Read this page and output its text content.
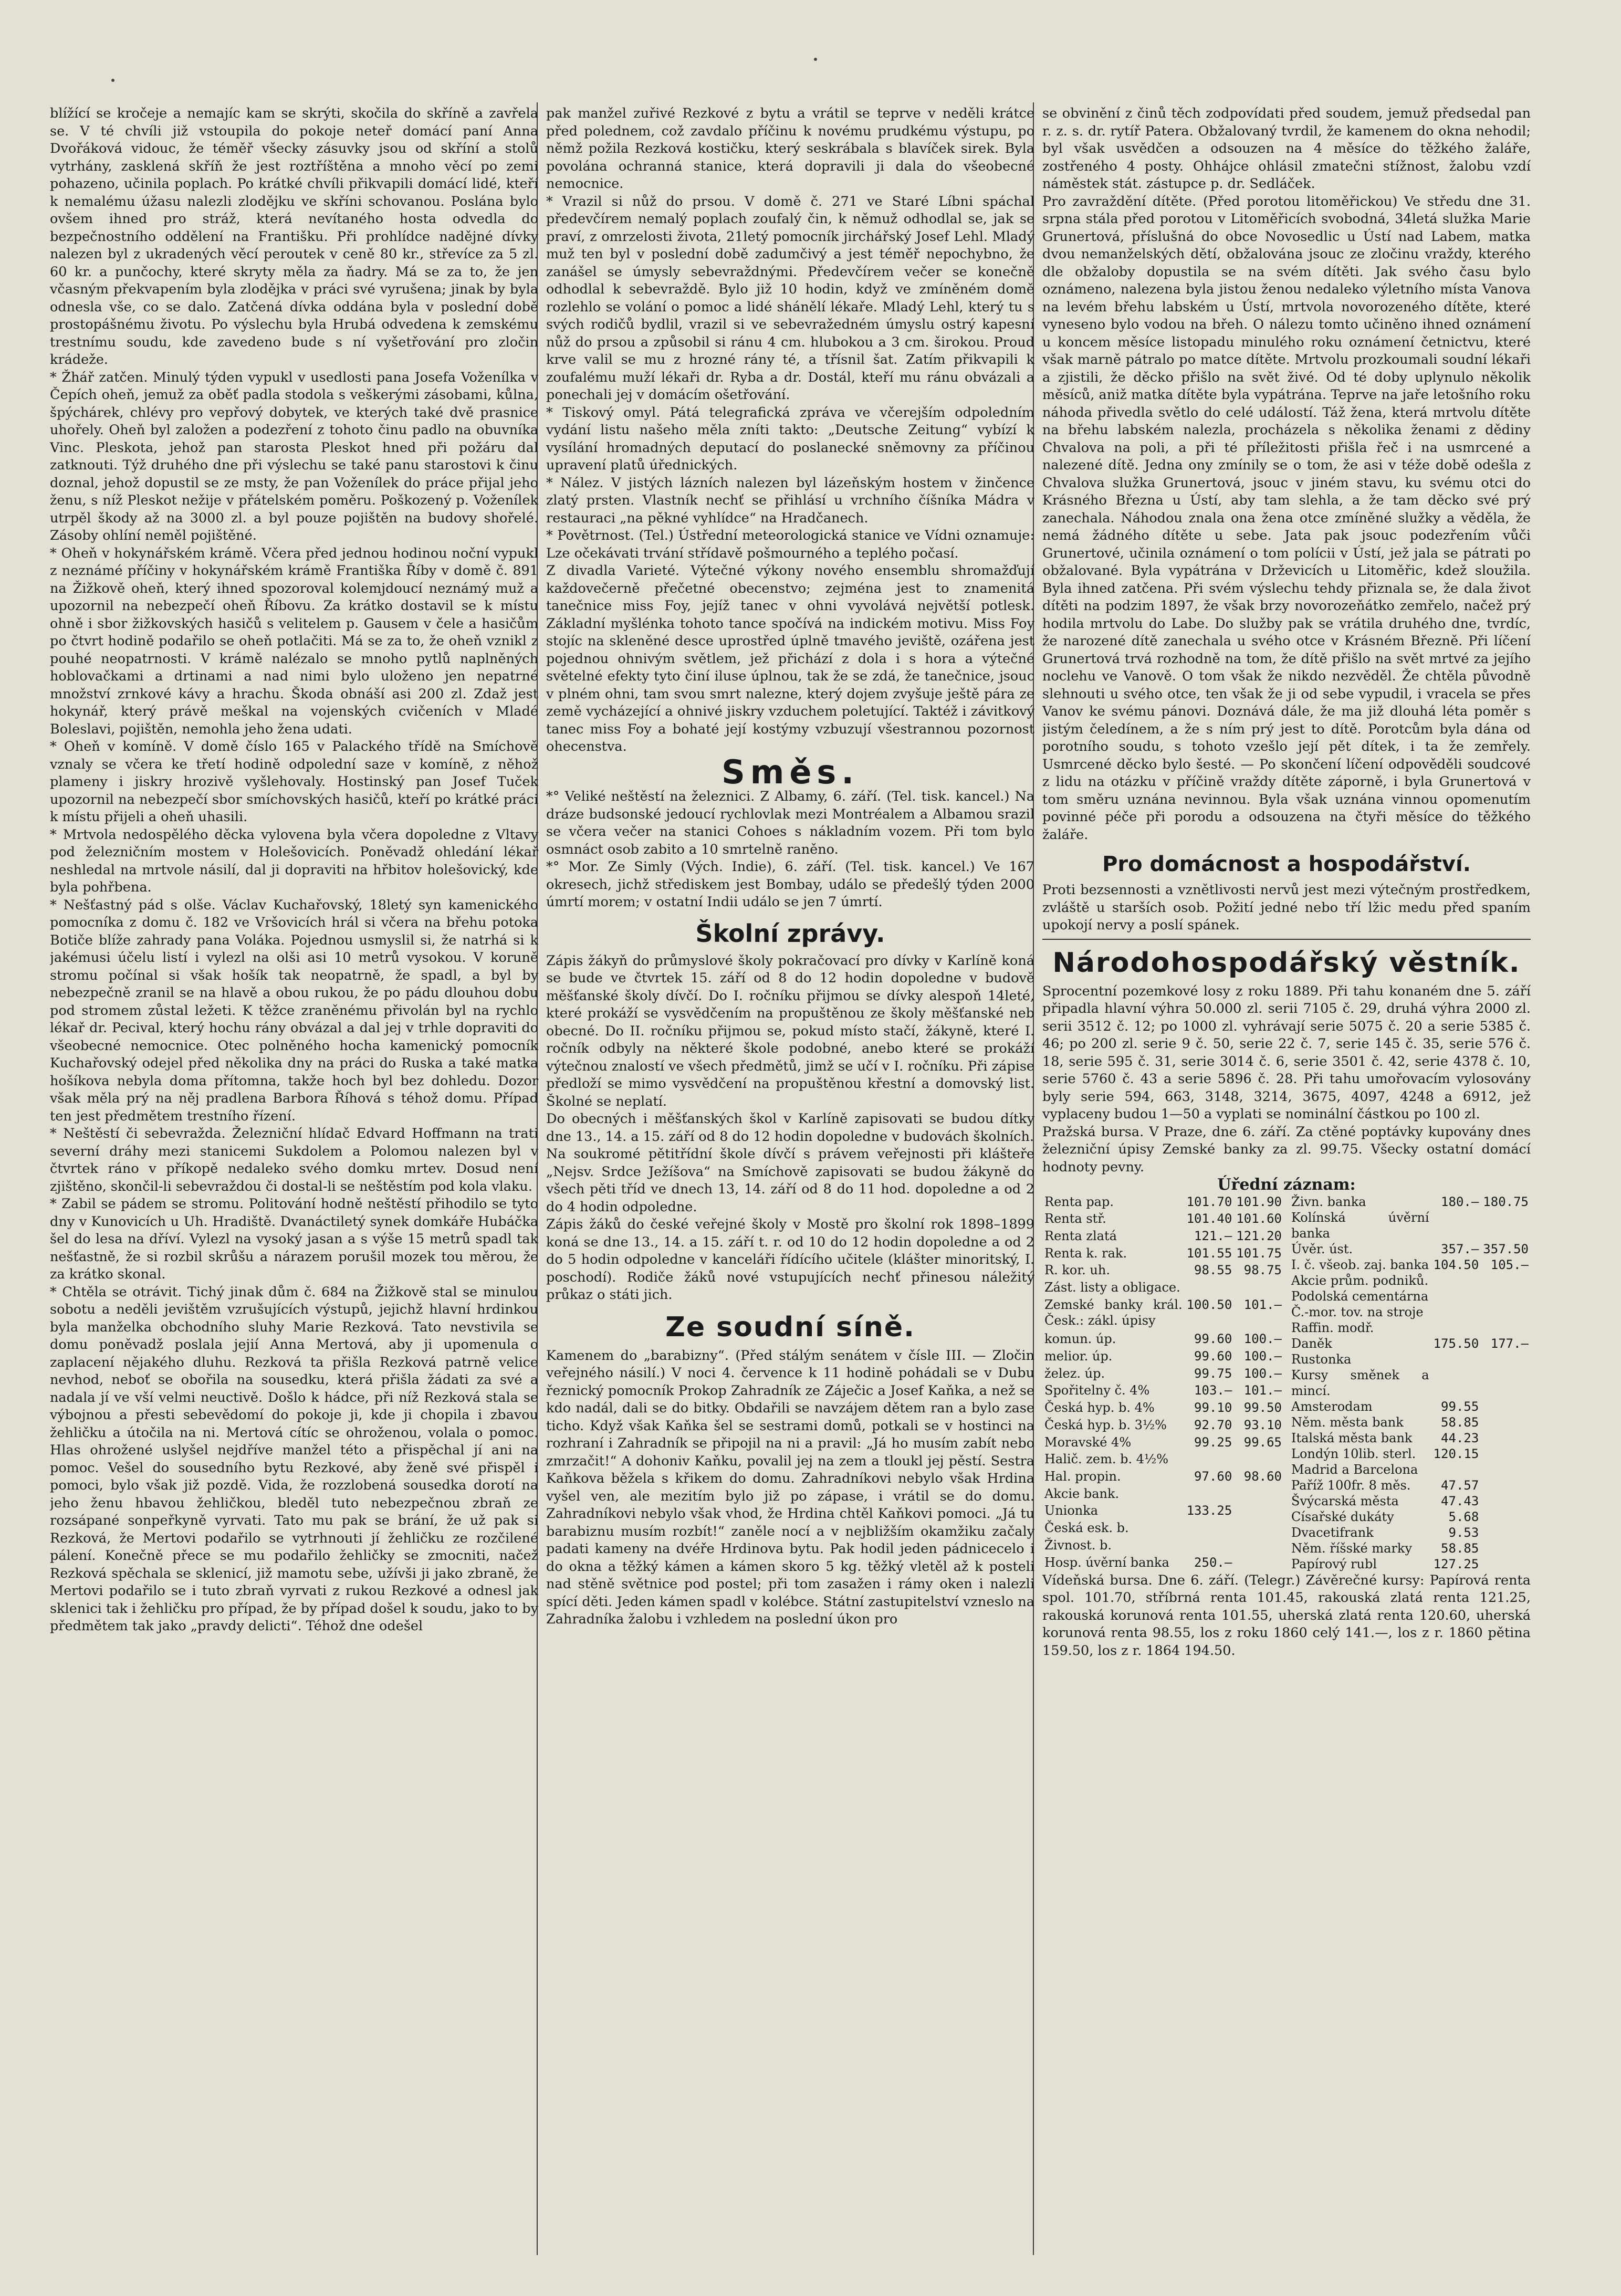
blížící se kročeje a nemajíc kam se skrýti, skočila do skříně a zavřela se. V té chvíli již vstoupila do pokoje neteř domácí paní Anna Dvořáková vidouc, že téměř všecky zásuvky jsou od skříní a stolů vytrhány, zasklená skříň že jest roztříštěna a mnoho věcí po zemi pohazeno, učinila poplach. Po krátké chvíli přikvapili domácí lidé, kteří k nemalému úžasu nalezli zlodějku ve skříni schovanou. Poslána bylo ovšem ihned pro stráž, která nevítaného hosta odvedla do bezpečnostního oddělení na Františku. Při prohlídce nadějné dívky nalezen byl z ukradených věcí peroutek v ceně 80 kr., střevíce za 5 zl. 60 kr. a punčochy, které skryty měla za ňadry. Má se za to, že jen včasným překvapením byla zlodějka v práci své vyrušena; jinak by byla odnesla vše, co se dalo. Zatčená dívka oddána byla v poslední době prostopášnému životu. Po výslechu byla Hrubá odvedena k zemskému trestnímu soudu, kde zavedeno bude s ní vyšetřování pro zločin krádeže.

* Žhář zatčen. Minulý týden vypukl v usedlosti pana Josefa Voženílka v Čepích oheň, jemuž za oběť padla stodola s veškerými zásobami, kůlna, špýchárek, chlévy pro vepřový dobytek, ve kterých také dvě prasnice uhořely. Oheň byl založen a podezření z tohoto činu padlo na obuvníka Vinc. Pleskota, jehož pan starosta Pleskot hned při požáru dal zatknouti. Týž druhého dne při výslechu se také panu starostovi k činu doznal, jehož dopustil se ze msty, že pan Voženílek do práce přijal jeho ženu, s níž Pleskot nežije v přátelském poměru. Poškozený p. Voženílek utrpěl škody až na 3000 zl. a byl pouze pojištěn na budovy shořelé. Zásoby ohlíní neměl pojištěné.

* Oheň v hokynářském krámě. Včera před jednou hodinou noční vypukl z neznámé příčiny v hokynářském krámě Františka Říby v domě č. 891 na Žižkově oheň, který ihned spozoroval kolemjdoucí neznámý muž a upozornil na nebezpečí oheň Říbovu. Za krátko dostavil se k místu ohně i sbor žižkovských hasičů s velitelem p. Gausem v čele a hasičům po čtvrt hodině podařilo se oheň potlačiti. Má se za to, že oheň vznikl z pouhé neopatrnosti. V krámě nalézalo se mnoho pytlů naplněných hoblovačkami a drtinami a nad nimi bylo uloženo jen nepatrné množství zrnkové kávy a hrachu. Škoda obnáší asi 200 zl. Zdaž jest hokynář, který právě meškal na vojenských cvičeních v Mladé Boleslavi, pojištěn, nemohla jeho žena udati.

* Oheň v komíně. V domě číslo 165 v Palackého třídě na Smíchově vznaly se včera ke třetí hodině odpolední saze v komíně, z něhož plameny i jiskry hrozivě vyšlehovaly. Hostinský pan Josef Tuček upozornil na nebezpečí sbor smíchovských hasičů, kteří po krátké práci k místu přijeli a oheň uhasili.

* Mrtvola nedospělého děcka vylovena byla včera dopoledne z Vltavy pod železničním mostem v Holešovicích. Poněvadž ohledání lékař neshledal na mrtvole násilí, dal ji dopraviti na hřbitov holešovický, kde byla pohřbena.

* Nešťastný pád s olše. Václav Kuchařovský, 18letý syn kamenického pomocníka z domu č. 182 ve Vršovicích hrál si včera na břehu potoka Botiče blíže zahrady pana Voláka. Pojednou usmyslil si, že natrhá si k jakémusi účelu listí i vylezl na olši asi 10 metrů vysokou. V koruně stromu počínal si však hošík tak neopatrně, že spadl, a byl by nebezpečně zranil se na hlavě a obou rukou, že po pádu dlouhou dobu pod stromem zůstal ležeti. K těžce zraněnému přivolán byl na rychlo lékař dr. Pecival, který hochu rány obvázal a dal jej v trhle dopraviti do všeobecné nemocnice. Otec polněného hocha kamenický pomocník Kuchařovský odejel před několika dny na práci do Ruska a také matka hošíkova nebyla doma přítomna, takže hoch byl bez dohledu. Dozor však měla prý na něj pradlena Barbora Říhová s téhož domu. Případ ten jest předmětem trestního řízení.

* Neštěstí či sebevražda. Železniční hlídač Edvard Hoffmann na trati severní dráhy mezi stanicemi Sukdolem a Polomou nalezen byl v čtvrtek ráno v příkopě nedaleko svého domku mrtev. Dosud není zjištěno, skončil-li sebevraždou či dostal-li se neštěstím pod kola vlaku.

* Zabil se pádem se stromu. Politování hodně neštěstí přihodilo se tyto dny v Kunovicích u Uh. Hradiště. Dvanáctiletý synek domkáře Hubáčka šel do lesa na dříví. Vylezl na vysoký jasan a s výše 15 metrů spadl tak nešťastně, že si rozbil skrůšu a nárazem porušil mozek tou měrou, že za krátko skonal.

* Chtěla se otrávit. Tichý jinak dům č. 684 na Žižkově stal se minulou sobotu a neděli jevištěm vzrušujících výstupů, jejichž hlavní hrdinkou byla manželka obchodního sluhy Marie Rezková. Tato nevstivila se domu poněvadž poslala jejií Anna Mertová, aby ji upomenula o zaplacení nějakého dluhu. Rezková ta přišla Rezková patrně velice nevhod, neboť se obořila na sousedku, která přišla žádati za své a nadala jí ve vší velmi neuctivě. Došlo k hádce, při níž Rezková stala se výbojnou a přesti sebevědomí do pokoje ji, kde ji chopila i zbavou žehličku a útočila na ni. Mertová cítíc se ohroženou, volala o pomoc. Hlas ohrožené uslyšel nejdříve manžel této a přispěchal jí ani na pomoc. Vešel do sousedního bytu Rezkové, aby ženě své přispěl i pomoci, bylo však již pozdě. Vida, že rozzlobená sousedka dorotí na jeho ženu hbavou žehličkou, bleděl tuto nebezpečnou zbraň ze rozsápané sonpeřkyně vyrvati. Tato mu pak se brání, že už pak si Rezková, že Mertovi podařilo se vytrhnouti jí žehličku ze rozčilené pálení. Konečně přece se mu podařilo žehličky se zmocniti, načež Rezková spěchala se sklenicí, již mamotu sebe, užívši ji jako zbraně, že Mertovi podařilo se i tuto zbraň vyrvati z rukou Rezkové a odnesl jak sklenici tak i žehličku pro případ, že by případ došel k soudu, jako to by předmětem tak jako „pravdy delicti“. Téhož dne odešel

pak manžel zuřivé Rezkové z bytu a vrátil se teprve v neděli krátce před polednem, což zavdalo příčinu k novému prudkému výstupu, po němž požila Rezková kostičku, který seskrábala s blavíček sirek. Byla povolána ochranná stanice, která dopravili ji dala do všeobecné nemocnice.

* Vrazil si nůž do prsou. V domě č. 271 ve Staré Líbni spáchal předevčírem nemalý poplach zoufalý čin, k němuž odhodlal se, jak se praví, z omrzelosti života, 21letý pomocník jirchářský Josef Lehl. Mladý muž ten byl v poslední době zadumčivý a jest téměř nepochybno, že zanášel se úmysly sebevraždnými. Předevčírem večer se konečně odhodlal k sebevraždě. Bylo již 10 hodin, když ve zmíněném domě rozlehlo se volání o pomoc a lidé shánělí lékaře. Mladý Lehl, který tu s svých rodičů bydlil, vrazil si ve sebevražedném úmyslu ostrý kapesní nůž do prsou a způsobil si ránu 4 cm. hlubokou a 3 cm. širokou. Proud krve valil se mu z hrozné rány té, a třísnil šat. Zatím přikvapili k zoufalému muží lékaři dr. Ryba a dr. Dostál, kteří mu ránu obvázali a ponechali jej v domácím ošetřování.

* Tiskový omyl. Pátá telegrafická zpráva ve včerejším odpoledním vydání listu našeho měla zníti takto: „Deutsche Zeitung“ vybízí k vysílání hromadných deputací do poslanecké sněmovny za příčinou upravení platů úřednických.

* Nález. V jistých lázních nalezen byl lázeňským hostem v žinčence zlatý prsten. Vlastník nechť se přihlásí u vrchního číšníka Mádra v restauraci „na pěkné vyhlídce“ na Hradčanech.

* Povětrnost. (Tel.) Ústřední meteorologická stanice ve Vídni oznamuje: Lze očekávati trvání střídavě pošmourného a teplého počasí.

Z divadla Varieté. Výtečné výkony nového ensemblu shromažďují každovečerně přečetné obecenstvo; zejména jest to znamenitá tanečnice miss Foy, jejíž tanec v ohni vyvolává největší potlesk. Základní myšlénka tohoto tance spočívá na indickém motivu. Miss Foy stojíc na skleněné desce uprostřed úplně tmavého jeviště, ozářena jest pojednou ohnivým světlem, jež přichází z dola i s hora a výtečné světelné efekty tyto činí iluse úplnou, tak že se zdá, že tanečnice, jsouc v plném ohni, tam svou smrt nalezne, který dojem zvyšuje ještě pára ze země vycházející a ohnivé jiskry vzduchem poletující. Taktéž i závitkový tanec miss Foy a bohaté její kostýmy vzbuzují všestrannou pozornost ohecenstva.

Směs.

*° Veliké neštěstí na železnici. Z Albamy, 6. září. (Tel. tisk. kancel.) Na dráze budsonské jedoucí rychlovlak mezi Montréalem a Albamou srazil se včera večer na stanici Cohoes s nákladním vozem. Při tom bylo osmnáct osob zabito a 10 smrtelně raněno.

*° Mor. Ze Simly (Vých. Indie), 6. září. (Tel. tisk. kancel.) Ve 167 okresech, jichž střediskem jest Bombay, událo se předešlý týden 2000 úmrtí morem; v ostatní Indii událo se jen 7 úmrtí.

Školní zprávy.

Zápis žákyň do průmyslové školy pokračovací pro dívky v Karlíně koná se bude ve čtvrtek 15. září od 8 do 12 hodin dopoledne v budově měšťanské školy dívčí. Do I. ročníku přijmou se dívky alespoň 14leté, které prokáží se vysvědčením na propuštěnou ze školy měšťanské neb obecné. Do II. ročníku přijmou se, pokud místo stačí, žákyně, které I. ročník odbyly na některé škole podobné, anebo které se prokáží výtečnou znalostí ve všech předmětů, jimž se učí v I. ročníku. Při zápise předloží se mimo vysvědčení na propuštěnou křestní a domovský list. Školné se neplatí.

Do obecných i měšťanských škol v Karlíně zapisovati se budou dítky dne 13., 14. a 15. září od 8 do 12 hodin dopoledne v budovách školních.

Na soukromé pětitřídní škole dívčí s právem veřejnosti při klášteře „Nejsv. Srdce Ježíšova“ na Smíchově zapisovati se budou žákyně do všech pěti tříd ve dnech 13, 14. září od 8 do 11 hod. dopoledne a od 2 do 4 hodin odpoledne.

Zápis žáků do české veřejné školy v Mostě pro školní rok 1898–1899 koná se dne 13., 14. a 15. září t. r. od 10 do 12 hodin dopoledne a od 2 do 5 hodin odpoledne v kanceláři řídícího učitele (klášter minoritský, I. poschodí). Rodiče žáků nové vstupujících nechť přinesou náležitý průkaz o státi jich.

Ze soudní síně.

Kamenem do „barabizny“. (Před stálým senátem v čísle III. — Zločin veřejného násilí.) V noci 4. července k 11 hodině pohádali se v Dubu řeznický pomocník Prokop Zahradník ze Záječic a Josef Kaňka, a než se kdo nadál, dali se do bitky. Obdařili se navzájem dětem ran a bylo zase ticho. Když však Kaňka šel se sestrami domů, potkali se v hostinci na rozhraní i Zahradník se připojil na ni a pravil: „Já ho musím zabít nebo zmrzačit!“ A dohoniv Kaňku, povalil jej na zem a tloukl jej pěstí. Sestra Kaňkova běžela s křikem do domu. Zahradníkovi nebylo však Hrdina vyšel ven, ale mezitím bylo již po zápase, i vrátil se do domu. Zahradníkovi nebylo však vhod, že Hrdina chtěl Kaňkovi pomoci. „Já tu barabiznu musím rozbít!“ zaněle nocí a v nejbližším okamžiku začaly padati kameny na dvéře Hrdinova bytu. Pak hodil jeden pádnicecelo i do okna a těžký kámen a kámen skoro 5 kg. těžký vletěl až k posteli nad stěně světnice pod postel; při tom zasažen i rámy oken i nalezli spící děti. Jeden kámen spadl v kolébce. Státní zastupitelství vzneslo na Zahradníka žalobu i vzhledem na poslední úkon pro

se obvinění z činů těch zodpovídati před soudem, jemuž předsedal pan r. z. s. dr. rytíř Patera. Obžalovaný tvrdil, že kamenem do okna nehodil; byl však usvědčen a odsouzen na 4 měsíce do těžkého žaláře, zostřeného 4 posty. Ohhájce ohlásil zmatečni stížnost, žalobu vzdí náměstek stát. zástupce p. dr. Sedláček.

Pro zavraždění dítěte. (Před porotou litoměřickou) Ve středu dne 31. srpna stála před porotou v Litoměřicích svobodná, 34letá služka Marie Grunertová, příslušná do obce Novosedlic u Ústí nad Labem, matka dvou nemanželských dětí, obžalována jsouc ze zločinu vraždy, kterého dle obžaloby dopustila se na svém dítěti. Jak svého času bylo oznámeno, nalezena byla jistou ženou nedaleko výletního místa Vanova na levém břehu labském u Ústí, mrtvola novorozeného dítěte, které vyneseno bylo vodou na břeh. O nálezu tomto učiněno ihned oznámení u koncem měsíce listopadu minulého roku oznámení četnictvu, které však marně pátralo po matce dítěte. Mrtvolu prozkoumali soudní lékaři a zjistili, že děcko přišlo na svět živé. Od té doby uplynulo několik měsíců, aniž matka dítěte byla vypátrána. Teprve na jaře letošního roku náhoda přivedla světlo do celé událostí. Táž žena, která mrtvolu dítěte na břehu labském nalezla, procházela s několika ženami z dědiny Chvalova na poli, a při té příležitosti přišla řeč i na usmrcené a nalezené dítě. Jedna ony zmínily se o tom, že asi v téže době odešla z Chvalova služka Grunertová, jsouc v jiném stavu, ku svému otci do Krásného Března u Ústí, aby tam slehla, a že tam děcko své prý zanechala. Náhodou znala ona žena otce zmíněné služky a věděla, že nemá žádného dítěte u sebe. Jata pak jsouc podezřením vůči Grunertové, učinila oznámení o tom polícii v Ústí, jež jala se pátrati po obžalované. Byla vypátrána v Drževicích u Litoměřic, kdež sloužila. Byla ihned zatčena. Při svém výslechu tehdy přiznala se, že dala život dítěti na podzim 1897, že však brzy novorozeňátko zemřelo, načež prý hodila mrtvolu do Labe. Do služby pak se vrátila druhého dne, tvrdíc, že narozené dítě zanechala u svého otce v Krásném Březně. Při líčení Grunertová trvá rozhodně na tom, že dítě přišlo na svět mrtvé za jejího noclehu ve Vanově. O tom však že nikdo nezvěděl. Že chtěla původně slehnouti u svého otce, ten však že ji od sebe vypudil, i vracela se přes Vanov ke svému pánovi. Doznává dále, že ma již dlouhá léta poměr s jistým čeledínem, a že s ním prý jest to dítě. Porotcům byla dána od porotního soudu, s tohoto vzešlo její pět dítek, i ta že zemřely. Usmrcené děcko bylo šesté. — Po skončení líčení odpověděli soudcové z lidu na otázku v příčině vraždy dítěte záporně, i byla Grunertová v tom směru uznána nevinnou. Byla však uznána vinnou opomenutím povinné péče při porodu a odsouzena na čtyři měsíce do těžkého žaláře.

Pro domácnost a hospodářství.

Proti bezsennosti a vznětlivosti nervů jest mezi výtečným prostředkem, zvláště u starších osob. Požití jedné nebo tří lžic medu před spaním upokojí nervy a poslí spánek.

Národohospodářský věstník.

Sprocentní pozemkové losy z roku 1889. Při tahu konaném dne 5. září připadla hlavní výhra 50.000 zl. serii 7105 č. 29, druhá výhra 2000 zl. serii 3512 č. 12; po 1000 zl. vyhrávají serie 5075 č. 20 a serie 5385 č. 46; po 200 zl. serie 9 č. 50, serie 22 č. 7, serie 145 č. 35, serie 576 č. 18, serie 595 č. 31, serie 3014 č. 6, serie 3501 č. 42, serie 4378 č. 10, serie 5760 č. 43 a serie 5896 č. 28. Při tahu umořovacím vylosovány byly serie 594, 663, 3148, 3214, 3675, 4097, 4248 a 6912, jež vyplaceny budou 1—50 a vyplati se nominální částkou po 100 zl.

Pražská bursa. V Praze, dne 6. září. Za ctěné poptávky kupovány dnes železniční úpisy Zemské banky za zl. 99.75. Všecky ostatní domácí hodnoty pevny.

Úřední záznam:
Renta pap.	101.70	101.90
Renta stř.	101.40	101.60
Renta zlatá	121.—	121.20
Renta k. rak.	101.55	101.75
R. kor. uh.	98.55	98.75
Zást. listy a obligace.		
Zemské banky král. Česk.: zákl. úpisy	100.50	101.—
komun. úp.	99.60	100.—
melior. úp.	99.60	100.—
želez. úp.	99.75	100.—
Spořitelny č. 4%	103.—	101.—
Česká hyp. b. 4%	99.10	99.50
Česká hyp. b. 3½%	92.70	93.10
Moravské 4%	99.25	99.65
Halič. zem. b. 4½%		
Hal. propin.	97.60	98.60
Akcie bank.		
Unionka	133.25	
Česká esk. b.		
Živnost. b.		
Hosp. úvěrní banka	250.—	
Živn. banka	180.—	180.75
Kolínská úvěrní banka		
Úvěr. úst.	357.—	357.50
I. č. všeob. zaj. banka	104.50	105.—
Akcie prům. podniků.		
Podolská cementárna		
Č.-mor. tov. na stroje		
Raffin. modř.		
Daněk	175.50	177.—
Rustonka		
Kursy směnek a mincí.		
Amsterodam	99.55	
Něm. města bank	58.85	
Italská města bank	44.23	
Londýn 10lib. sterl.	120.15	
Madrid a Barcelona		
Paříž 100fr. 8 měs.	47.57	
Švýcarská města	47.43	
Císařské dukáty	5.68	
Dvacetifrank	9.53	
Něm. říšské marky	58.85	
Papírový rubl	127.25	

Vídeňská bursa. Dne 6. září. (Telegr.) Závěrečné kursy: Papírová renta spol. 101.70, stříbrná renta 101.45, rakouská zlatá renta 121.25, rakouská korunová renta 101.55, uherská zlatá renta 120.60, uherská korunová renta 98.55, los z roku 1860 celý 141.—, los z r. 1860 pětina 159.50, los z r. 1864 194.50.
